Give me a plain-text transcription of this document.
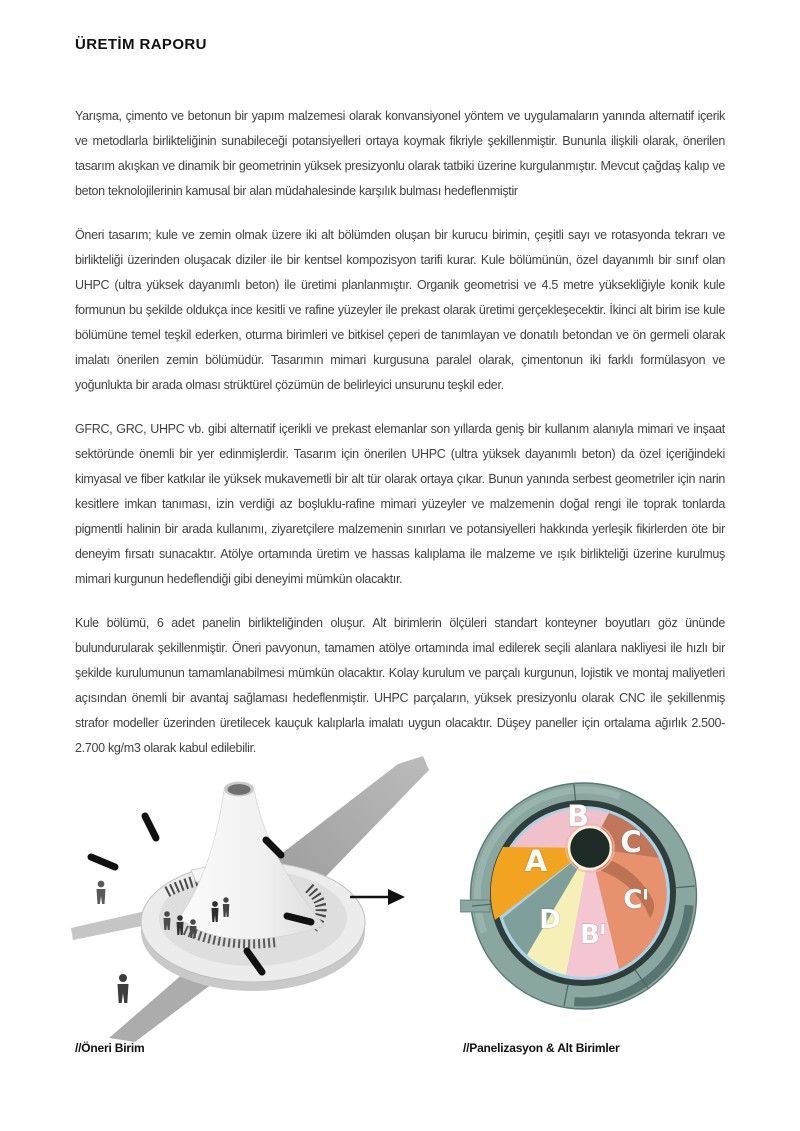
ÜRETİM RAPORU

Yarışma, çimento ve betonun bir yapım malzemesi olarak konvansiyonel yöntem ve uygulamaların yanında alternatif içerik ve metodlarla birlikteliğinin sunabileceği potansiyelleri ortaya koymak fikriyle şekillenmiştir. Bununla ilişkili olarak, önerilen tasarım akışkan ve dinamik bir geometrinin yüksek presizyonlu olarak tatbiki üzerine kurgulanmıştır. Mevcut çağdaş kalıp ve beton teknolojilerinin kamusal bir alan müdahalesinde karşılık bulması hedeflenmiştir

Öneri tasarım; kule ve zemin olmak üzere iki alt bölümden oluşan bir kurucu birimin, çeşitli sayı ve rotasyonda tekrarı ve birlikteliği üzerinden oluşacak diziler ile bir kentsel kompozisyon tarifi kurar. Kule bölümünün, özel dayanımlı bir sınıf olan UHPC (ultra yüksek dayanımlı beton) ile üretimi planlanmıştır. Organik geometrisi ve 4.5 metre yüksekliğiyle konik kule formunun bu şekilde oldukça ince kesitli ve rafine yüzeyler ile prekast olarak üretimi gerçekleşecektir. İkinci alt birim ise kule bölümüne temel teşkil ederken, oturma birimleri ve bitkisel çeperi de tanımlayan ve donatılı betondan ve ön germeli olarak imalatı önerilen zemin bölümüdür. Tasarımın mimari kurgusuna paralel olarak, çimentonun iki farklı formülasyon ve yoğunlukta bir arada olması strüktürel çözümün de belirleyici unsurunu teşkil eder.

GFRC, GRC, UHPC vb. gibi alternatif içerikli ve prekast elemanlar son yıllarda geniş bir kullanım alanıyla mimari ve inşaat sektöründe önemli bir yer edinmişlerdir. Tasarım için önerilen UHPC (ultra yüksek dayanımlı beton) da özel içeriğindeki kimyasal ve fiber katkılar ile yüksek mukavemetli bir alt tür olarak ortaya çıkar. Bunun yanında serbest geometriler için narin kesitlere imkan tanıması, izin verdiği az boşluklu-rafine mimari yüzeyler ve malzemenin doğal rengi ile toprak tonlarda pigmentli halinin bir arada kullanımı, ziyaretçilere malzemenin sınırları ve potansiyelleri hakkında yerleşik fikirlerden öte bir deneyim fırsatı sunacaktır. Atölye ortamında üretim ve hassas kalıplama ile malzeme ve ışık birlikteliği üzerine kurulmuş mimari kurgunun hedeflendiği gibi deneyimi mümkün olacaktır.

Kule bölümü, 6 adet panelin birlikteliğinden oluşur. Alt birimlerin ölçüleri standart konteyner boyutları göz ününde bulundurularak şekillenmiştir. Öneri pavyonun, tamamen atölye ortamında imal edilerek seçili alanlara nakliyesi ile hızlı bir şekilde kurulumunun tamamlanabilmesi mümkün olacaktır. Kolay kurulum ve parçalı kurgunun, lojistik ve montaj maliyetleri açısından önemli bir avantaj sağlaması hedeflenmiştir. UHPC parçaların, yüksek presizyonlu olarak CNC ile şekillenmiş strafor modeller üzerinden üretilecek kauçuk kalıplarla imalatı uygun olacaktır. Düşey paneller için ortalama ağırlık 2.500-2.700 kg/m3 olarak kabul edilebilir.

A
B
C
Cᴵ
Bᴵ
D
//Öneri Birim	//Panelizasyon & Alt Birimler
